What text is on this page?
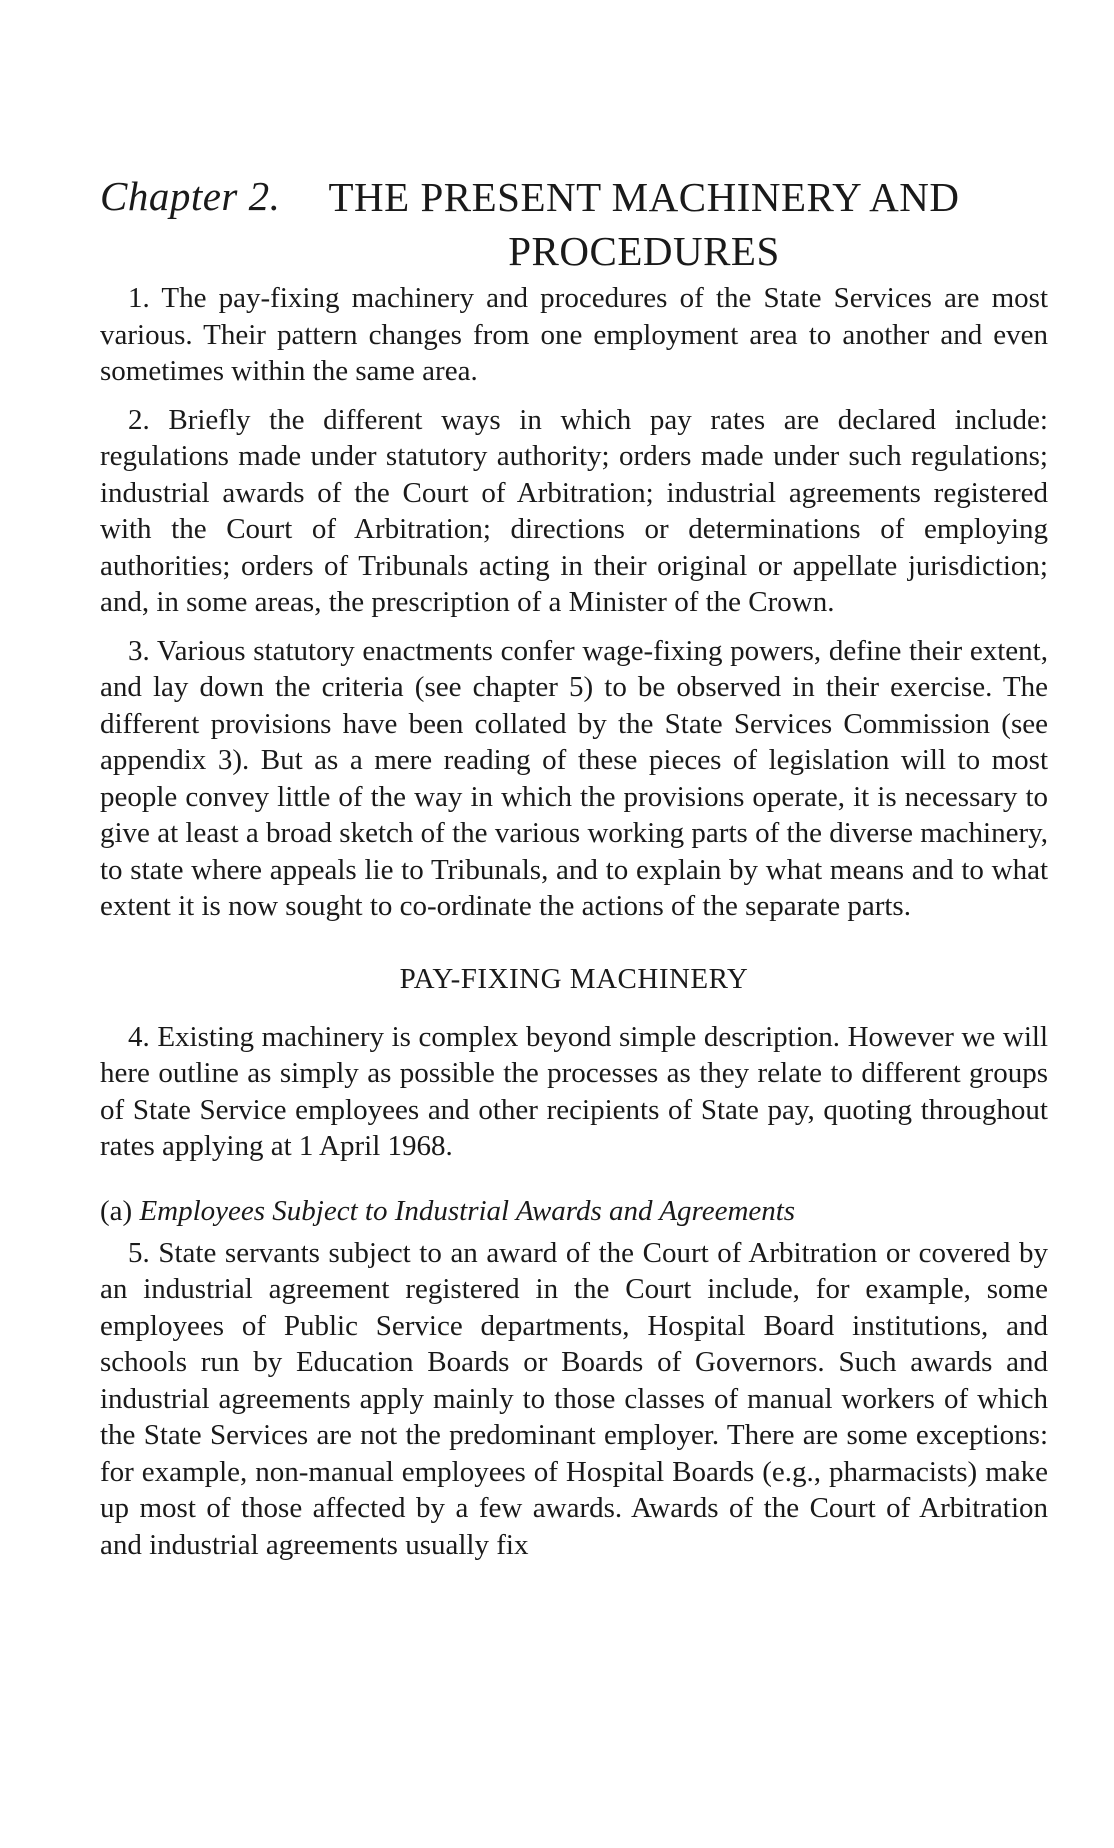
Chapter 2.	THE PRESENT MACHINERY AND
PROCEDURES

1. The pay-fixing machinery and procedures of the State Services are most various. Their pattern changes from one employment area to another and even sometimes within the same area.

2. Briefly the different ways in which pay rates are declared include: regulations made under statutory authority; orders made under such regulations; industrial awards of the Court of Arbitration; industrial agreements registered with the Court of Arbitration; directions or determinations of employing authorities; orders of Tribunals acting in their original or appellate jurisdiction; and, in some areas, the prescription of a Minister of the Crown.

3. Various statutory enactments confer wage-fixing powers, define their extent, and lay down the criteria (see chapter 5) to be observed in their exercise. The different provisions have been collated by the State Services Commission (see appendix 3). But as a mere reading of these pieces of legislation will to most people convey little of the way in which the provisions operate, it is necessary to give at least a broad sketch of the various working parts of the diverse machinery, to state where appeals lie to Tribunals, and to explain by what means and to what extent it is now sought to co-ordinate the actions of the separate parts.

PAY-FIXING MACHINERY

4. Existing machinery is complex beyond simple description. However we will here outline as simply as possible the processes as they relate to different groups of State Service employees and other recipients of State pay, quoting throughout rates applying at 1 April 1968.

(a) Employees Subject to Industrial Awards and Agreements

5. State servants subject to an award of the Court of Arbitration or covered by an industrial agreement registered in the Court include, for example, some employees of Public Service departments, Hospital Board institutions, and schools run by Education Boards or Boards of Governors. Such awards and industrial agreements apply mainly to those classes of manual workers of which the State Services are not the predominant employer. There are some exceptions: for example, non-manual employees of Hospital Boards (e.g., pharmacists) make up most of those affected by a few awards. Awards of the Court of Arbitration and industrial agreements usually fix
